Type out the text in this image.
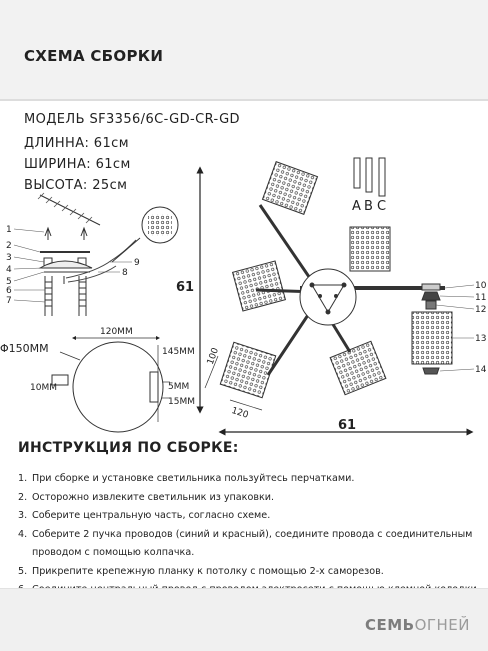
СХЕМА СБОРКИ
МОДЕЛЬ SF3356/6C-GD-CR-GD
ДЛИННА: 61см
ШИРИНА: 61см
ВЫСОТА: 25см
1
2
3
4
5
6
7
8
9
Φ150MM
120MM
145MM
10MM	5MM
15MM
61
61
100
120
A B C
10
11
12
13
14
ИНСТРУКЦИЯ ПО СБОРКЕ:
1. При сборке и установке светильника пользуйтесь перчатками.
2. Осторожно извлеките светильник из упаковки.
3. Соберите центральную часть, согласно схеме.
4. Соберите 2 пучка проводов (синий и красный), соедините провода с соединительным
проводом с помощью колпачка.
5. Прикрепите крепежную планку к потолку с помощью 2-х саморезов.
СЕМЬОГНЕЙ
